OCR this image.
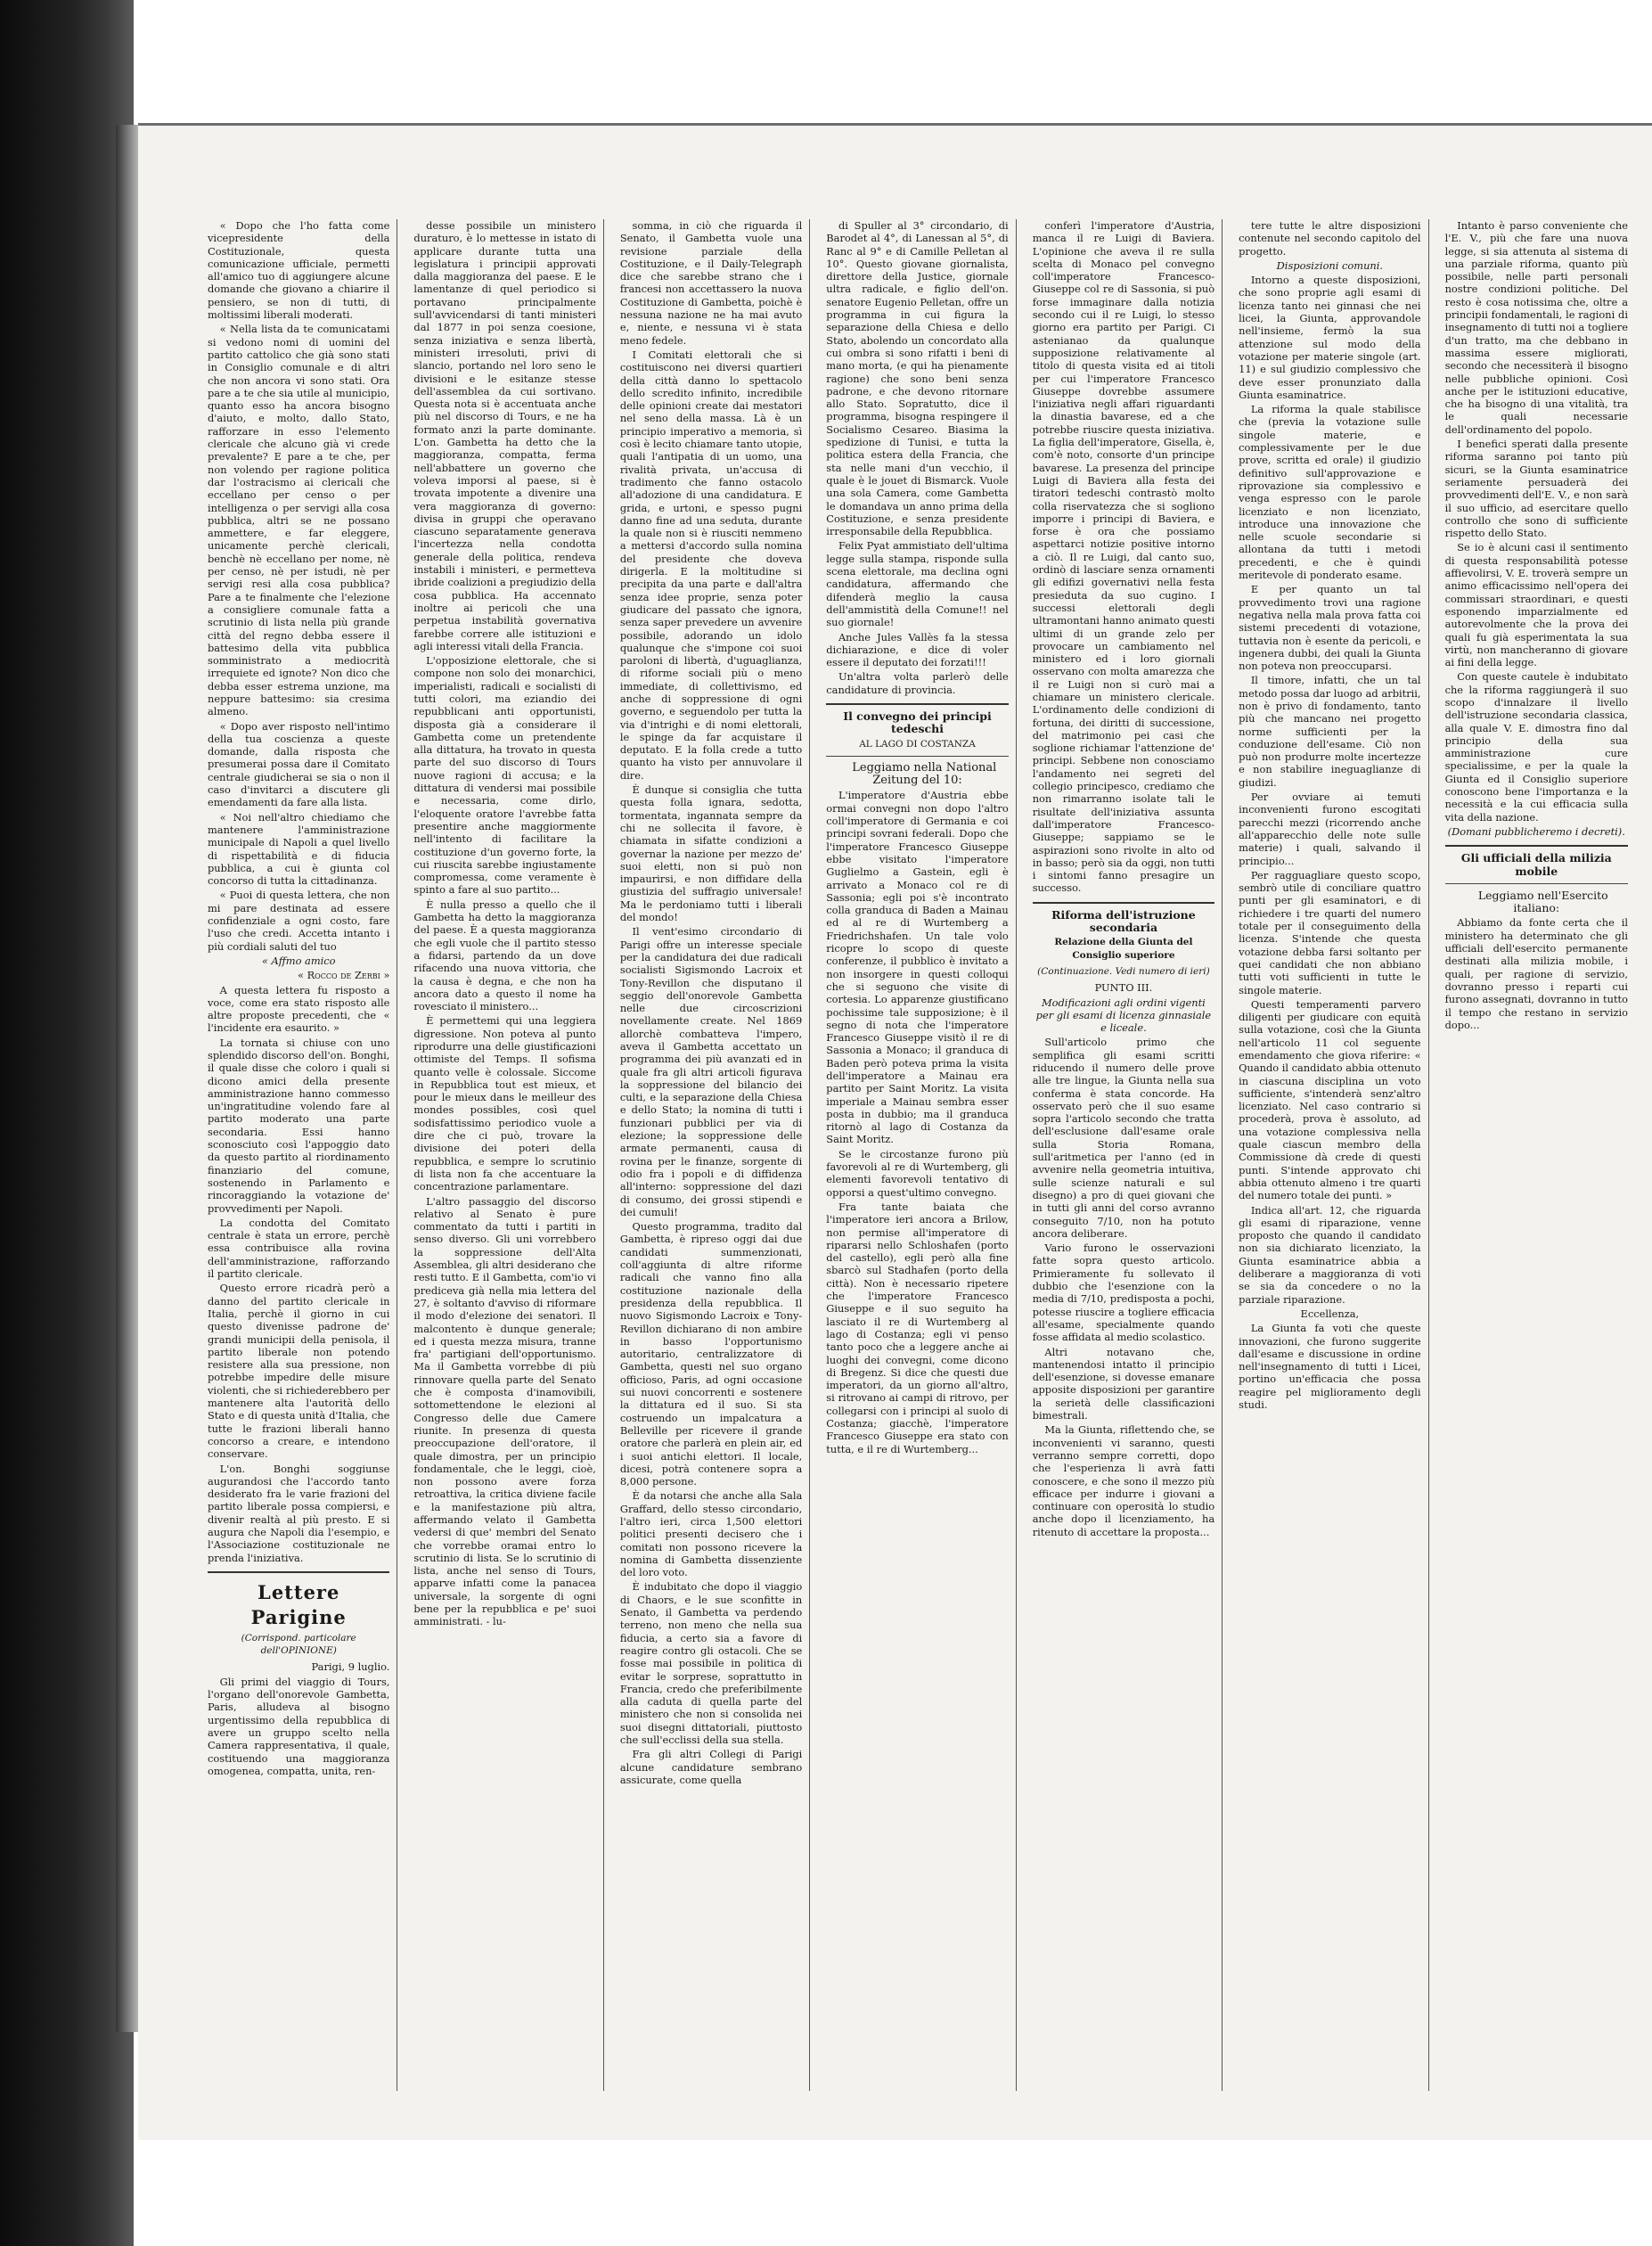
« Dopo che l'ho fatta come vicepresidente della Costituzionale, questa comunicazione ufficiale, permetti all'amico tuo di aggiungere alcune domande che giovano a chiarire il pensiero, se non di tutti, di moltissimi liberali moderati.

« Nella lista da te comunicatami si vedono nomi di uomini del partito cattolico che già sono stati in Consiglio comunale e di altri che non ancora vi sono stati. Ora pare a te che sia utile al municipio, quanto esso ha ancora bisogno d'aiuto, e molto, dallo Stato, rafforzare in esso l'elemento clericale che alcuno già vi crede prevalente? E pare a te che, per non volendo per ragione politica dar l'ostracismo ai clericali che eccellano per censo o per intelligenza o per servigi alla cosa pubblica, altri se ne possano ammettere, e far eleggere, unicamente perchè clericali, benchè nè eccellano per nome, nè per censo, nè per istudi, nè per servigi resi alla cosa pubblica? Pare a te finalmente che l'elezione a consigliere comunale fatta a scrutinio di lista nella più grande città del regno debba essere il battesimo della vita pubblica somministrato a mediocrità irrequiete ed ignote? Non dico che debba esser estrema unzione, ma neppure battesimo: sia cresima almeno.

« Dopo aver risposto nell'intimo della tua coscienza a queste domande, dalla risposta che presumerai possa dare il Comitato centrale giudicherai se sia o non il caso d'invitarci a discutere gli emendamenti da fare alla lista.

« Noi nell'altro chiediamo che mantenere l'amministrazione municipale di Napoli a quel livello di rispettabilità e di fiducia pubblica, a cui è giunta col concorso di tutta la cittadinanza.

« Puoi di questa lettera, che non mi pare destinata ad essere confidenziale a ogni costo, fare l'uso che credi. Accetta intanto i più cordiali saluti del tuo

« Affmo amico

« Rocco de Zerbi »

A questa lettera fu risposto a voce, come era stato risposto alle altre proposte precedenti, che « l'incidente era esaurito. »

La tornata si chiuse con uno splendido discorso dell'on. Bonghi, il quale disse che coloro i quali si dicono amici della presente amministrazione hanno commesso un'ingratitudine volendo fare al partito moderato una parte secondaria. Essi hanno sconosciuto così l'appoggio dato da questo partito al riordinamento finanziario del comune, sostenendo in Parlamento e rincoraggiando la votazione de' provvedimenti per Napoli.

La condotta del Comitato centrale è stata un errore, perchè essa contribuisce alla rovina dell'amministrazione, rafforzando il partito clericale.

Questo errore ricadrà però a danno del partito clericale in Italia, perchè il giorno in cui questo divenisse padrone de' grandi municipii della penisola, il partito liberale non potendo resistere alla sua pressione, non potrebbe impedire delle misure violenti, che si richiederebbero per mantenere alta l'autorità dello Stato e di questa unità d'Italia, che tutte le frazioni liberali hanno concorso a creare, e intendono conservare.

L'on. Bonghi soggiunse augurandosi che l'accordo tanto desiderato fra le varie frazioni del partito liberale possa compiersi, e divenir realtà al più presto. E si augura che Napoli dia l'esempio, e l'Associazione costituzionale ne prenda l'iniziativa.

Lettere Parigine
(Corrispond. particolare dell'OPINIONE)

Parigi, 9 luglio.

Gli primi del viaggio di Tours, l'organo dell'onorevole Gambetta, Paris, alludeva al bisogno urgentissimo della repubblica di avere un gruppo scelto nella Camera rappresentativa, il quale, costituendo una maggioranza omogenea, compatta, unita, ren-

desse possibile un ministero duraturo, è lo mettesse in istato di applicare durante tutta una legislatura i principii approvati dalla maggioranza del paese. E le lamentanze di quel periodico si portavano principalmente sull'avvicendarsi di tanti ministeri dal 1877 in poi senza coesione, senza iniziativa e senza libertà, ministeri irresoluti, privi di slancio, portando nel loro seno le divisioni e le esitanze stesse dell'assemblea da cui sortivano. Questa nota si è accentuata anche più nel discorso di Tours, e ne ha formato anzi la parte dominante. L'on. Gambetta ha detto che la maggioranza, compatta, ferma nell'abbattere un governo che voleva imporsi al paese, si è trovata impotente a divenire una vera maggioranza di governo: divisa in gruppi che operavano ciascuno separatamente generava l'incertezza nella condotta generale della politica, rendeva instabili i ministeri, e permetteva ibride coalizioni a pregiudizio della cosa pubblica. Ha accennato inoltre ai pericoli che una perpetua instabilità governativa farebbe correre alle istituzioni e agli interessi vitali della Francia.

L'opposizione elettorale, che si compone non solo dei monarchici, imperialisti, radicali e socialisti di tutti colori, ma eziandio dei repubblicani anti opportunisti, disposta già a considerare il Gambetta come un pretendente alla dittatura, ha trovato in questa parte del suo discorso di Tours nuove ragioni di accusa; e la dittatura di vendersi mai possibile e necessaria, come dirlo, l'eloquente oratore l'avrebbe fatta presentire anche maggiormente nell'intento di facilitare la costituzione d'un governo forte, la cui riuscita sarebbe ingiustamente compromessa, come veramente è spinto a fare al suo partito...

È nulla presso a quello che il Gambetta ha detto la maggioranza del paese. È a questa maggioranza che egli vuole che il partito stesso a fidarsi, partendo da un dove rifacendo una nuova vittoria, che la causa è degna, e che non ha ancora dato a questo il nome ha rovesciato il ministero...

È permettemi qui una leggiera digressione. Non poteva al punto riprodurre una delle giustificazioni ottimiste del Temps. Il sofisma quanto velle è colossale. Siccome in Repubblica tout est mieux, et pour le mieux dans le meilleur des mondes possibles, così quel sodisfattissimo periodico vuole a dire che ci può, trovare la divisione dei poteri della repubblica, e sempre lo scrutinio di lista non fa che accentuare la concentrazione parlamentare.

L'altro passaggio del discorso relativo al Senato è pure commentato da tutti i partiti in senso diverso. Gli uni vorrebbero la soppressione dell'Alta Assemblea, gli altri desiderano che resti tutto. E il Gambetta, com'io vi prediceva già nella mia lettera del 27, è soltanto d'avviso di riformare il modo d'elezione dei senatori. Il malcontento è dunque generale; ed i questa mezza misura, tranne fra' partigiani dell'opportunismo. Ma il Gambetta vorrebbe di più rinnovare quella parte del Senato che è composta d'inamovibili, sottomettendone le elezioni al Congresso delle due Camere riunite. In presenza di questa preoccupazione dell'oratore, il quale dimostra, per un principio fondamentale, che le leggi, cioè, non possono avere forza retroattiva, la critica diviene facile e la manifestazione più altra, affermando velato il Gambetta vedersi di que' membri del Senato che vorrebbe oramai entro lo scrutinio di lista. Se lo scrutinio di lista, anche nel senso di Tours, apparve infatti come la panacea universale, la sorgente di ogni bene per la repubblica e pe' suoi amministrati. - lu-

somma, in ciò che riguarda il Senato, il Gambetta vuole una revisione parziale della Costituzione, e il Daily-Telegraph dice che sarebbe strano che i francesi non accettassero la nuova Costituzione di Gambetta, poichè è nessuna nazione ne ha mai avuto e, niente, e nessuna vi è stata meno fedele.

I Comitati elettorali che si costituiscono nei diversi quartieri della città danno lo spettacolo dello scredito infinito, incredibile delle opinioni create dai mestatori nel seno della massa. Là è un principio imperativo a memoria, sì così è lecito chiamare tanto utopie, quali l'antipatia di un uomo, una rivalità privata, un'accusa di tradimento che fanno ostacolo all'adozione di una candidatura. E grida, e urtoni, e spesso pugni danno fine ad una seduta, durante la quale non si è riusciti nemmeno a mettersi d'accordo sulla nomina del presidente che doveva dirigerla. E la moltitudine si precipita da una parte e dall'altra senza idee proprie, senza poter giudicare del passato che ignora, senza saper prevedere un avvenire possibile, adorando un idolo qualunque che s'impone coi suoi paroloni di libertà, d'uguaglianza, di riforme sociali più o meno immediate, di collettivismo, ed anche di soppressione di ogni governo, e seguendolo per tutta la via d'intrighi e di nomi elettorali, le spinge da far acquistare il deputato. E la folla crede a tutto quanto ha visto per annuvolare il dire.

È dunque si consiglia che tutta questa folla ignara, sedotta, tormentata, ingannata sempre da chi ne sollecita il favore, è chiamata in sifatte condizioni a governar la nazione per mezzo de' suoi eletti, non si può non impaurirsi, e non diffidare della giustizia del suffragio universale! Ma le perdoniamo tutti i liberali del mondo!

Il vent'esimo circondario di Parigi offre un interesse speciale per la candidatura dei due radicali socialisti Sigismondo Lacroix et Tony-Revillon che disputano il seggio dell'onorevole Gambetta nelle due circoscrizioni novellamente create. Nel 1869 allorchè combatteva l'impero, aveva il Gambetta accettato un programma dei più avanzati ed in quale fra gli altri articoli figurava la soppressione del bilancio dei culti, e la separazione della Chiesa e dello Stato; la nomina di tutti i funzionari pubblici per via di elezione; la soppressione delle armate permanenti, causa di rovina per le finanze, sorgente di odio fra i popoli e di diffidenza all'interno: soppressione del dazi di consumo, dei grossi stipendi e dei cumuli!

Questo programma, tradito dal Gambetta, è ripreso oggi dai due candidati summenzionati, coll'aggiunta di altre riforme radicali che vanno fino alla costituzione nazionale della presidenza della repubblica. Il nuovo Sigismondo Lacroix e Tony-Revillon dichiarano di non ambire in basso l'opportunismo autoritario, centralizzatore di Gambetta, questi nel suo organo officioso, Paris, ad ogni occasione sui nuovi concorrenti e sostenere la dittatura ed il suo. Si sta costruendo un impalcatura a Belleville per ricevere il grande oratore che parlerà en plein air, ed i suoi antichi elettori. Il locale, dicesi, potrà contenere sopra a 8,000 persone.

È da notarsi che anche alla Sala Graffard, dello stesso circondario, l'altro ieri, circa 1,500 elettori politici presenti decisero che i comitati non possono ricevere la nomina di Gambetta dissenziente del loro voto.

È indubitato che dopo il viaggio di Chaors, e le sue sconfitte in Senato, il Gambetta va perdendo terreno, non meno che nella sua fiducia, a certo sia a favore di reagire contro gli ostacoli. Che se fosse mai possibile in politica di evitar le sorprese, soprattutto in Francia, credo che preferibilmente alla caduta di quella parte del ministero che non si consolida nei suoi disegni dittatoriali, piuttosto che sull'ecclissi della sua stella.

Fra gli altri Collegi di Parigi alcune candidature sembrano assicurate, come quella

di Spuller al 3° circondario, di Barodet al 4°, di Lanessan al 5°, di Ranc al 9° e di Camille Pelletan al 10°. Questo giovane giornalista, direttore della Justice, giornale ultra radicale, e figlio dell'on. senatore Eugenio Pelletan, offre un programma in cui figura la separazione della Chiesa e dello Stato, abolendo un concordato alla cui ombra si sono rifatti i beni di mano morta, (e qui ha pienamente ragione) che sono beni senza padrone, e che devono ritornare allo Stato. Sopratutto, dice il programma, bisogna respingere il Socialismo Cesareo. Biasima la spedizione di Tunisi, e tutta la politica estera della Francia, che sta nelle mani d'un vecchio, il quale è le jouet di Bismarck. Vuole una sola Camera, come Gambetta le domandava un anno prima della Costituzione, e senza presidente irresponsabile della Repubblica.

Felix Pyat ammistiato dell'ultima legge sulla stampa, risponde sulla scena elettorale, ma declina ogni candidatura, affermando che difenderà meglio la causa dell'ammistità della Comune!! nel suo giornale!

Anche Jules Vallès fa la stessa dichiarazione, e dice di voler essere il deputato dei forzati!!!

Un'altra volta parlerò delle candidature di provincia.

Il convegno dei principi tedeschi
AL LAGO DI COSTANZA

Leggiamo nella National Zeitung del 10:

L'imperatore d'Austria ebbe ormai convegni non dopo l'altro coll'imperatore di Germania e coi principi sovrani federali. Dopo che l'imperatore Francesco Giuseppe ebbe visitato l'imperatore Guglielmo a Gastein, egli è arrivato a Monaco col re di Sassonia; egli poi s'è incontrato colla granduca di Baden a Mainau ed al re di Wurtemberg a Friedrichshafen. Un tale volo ricopre lo scopo di queste conferenze, il pubblico è invitato a non insorgere in questi colloqui che si seguono che visite di cortesia. Lo apparenze giustificano pochissime tale supposizione; è il segno di nota che l'imperatore Francesco Giuseppe visitò il re di Sassonia a Monaco; il granduca di Baden però poteva prima la visita dell'imperatore a Mainau era partito per Saint Moritz. La visita imperiale a Mainau sembra esser posta in dubbio; ma il granduca ritornò al lago di Costanza da Saint Moritz.

Se le circostanze furono più favorevoli al re di Wurtemberg, gli elementi favorevoli tentativo di opporsi a quest'ultimo convegno.

Fra tante baiata che l'imperatore ieri ancora a Brilow, non permise all'imperatore di ripararsi nello Schloshafen (porto del castello), egli però alla fine sbarcò sul Stadhafen (porto della città). Non è necessario ripetere che l'imperatore Francesco Giuseppe e il suo seguito ha lasciato il re di Wurtemberg al lago di Costanza; egli vi penso tanto poco che a leggere anche ai luoghi dei convegni, come dicono di Bregenz. Si dice che questi due imperatori, da un giorno all'altro, si ritrovano ai campi di ritrovo, per collegarsi con i principi al suolo di Costanza; giacchè, l'imperatore Francesco Giuseppe era stato con tutta, e il re di Wurtemberg...

conferì l'imperatore d'Austria, manca il re Luigi di Baviera. L'opinione che aveva il re sulla scelta di Monaco pel convegno coll'imperatore Francesco-Giuseppe col re di Sassonia, si può forse immaginare dalla notizia secondo cui il re Luigi, lo stesso giorno era partito per Parigi. Ci astenianao da qualunque supposizione relativamente al titolo di questa visita ed ai titoli per cui l'imperatore Francesco Giuseppe dovrebbe assumere l'iniziativa negli affari riguardanti la dinastia bavarese, ed a che potrebbe riuscire questa iniziativa. La figlia dell'imperatore, Gisella, è, com'è noto, consorte d'un principe bavarese. La presenza del principe Luigi di Baviera alla festa dei tiratori tedeschi contrastò molto colla riservatezza che si sogliono imporre i principi di Baviera, e forse è ora che possiamo aspettarci notizie positive intorno a ciò. Il re Luigi, dal canto suo, ordinò di lasciare senza ornamenti gli edifizi governativi nella festa presieduta da suo cugino. I successi elettorali degli ultramontani hanno animato questi ultimi di un grande zelo per provocare un cambiamento nel ministero ed i loro giornali osservano con molta amarezza che il re Luigi non si curò mai a chiamare un ministero clericale. L'ordinamento delle condizioni di fortuna, dei diritti di successione, del matrimonio pei casi che soglione richiamar l'attenzione de' principi. Sebbene non conosciamo l'andamento nei segreti del collegio principesco, crediamo che non rimarranno isolate tali le risultate dell'iniziativa assunta dall'imperatore Francesco-Giuseppe; sappiamo se le aspirazioni sono rivolte in alto od in basso; però sia da oggi, non tutti i sintomi fanno presagire un successo.

Riforma dell'istruzione secondaria
Relazione della Giunta del Consiglio superiore
(Continuazione. Vedi numero di ieri)

PUNTO III.

Modificazioni agli ordini vigenti per gli esami di licenza ginnasiale e liceale.

Sull'articolo primo che semplifica gli esami scritti riducendo il numero delle prove alle tre lingue, la Giunta nella sua conferma è stata concorde. Ha osservato però che il suo esame sopra l'articolo secondo che tratta dell'esclusione dall'esame orale sulla Storia Romana, sull'aritmetica per l'anno (ed in avvenire nella geometria intuitiva, sulle scienze naturali e sul disegno) a pro di quei giovani che in tutti gli anni del corso avranno conseguito 7/10, non ha potuto ancora deliberare.

Vario furono le osservazioni fatte sopra questo articolo. Primieramente fu sollevato il dubbio che l'esenzione con la media di 7/10, predisposta a pochi, potesse riuscire a togliere efficacia all'esame, specialmente quando fosse affidata al medio scolastico.

Altri notavano che, mantenendosi intatto il principio dell'esenzione, si dovesse emanare apposite disposizioni per garantire la serietà delle classificazioni bimestrali.

Ma la Giunta, riflettendo che, se inconvenienti vi saranno, questi verranno sempre corretti, dopo che l'esperienza li avrà fatti conoscere, e che sono il mezzo più efficace per indurre i giovani a continuare con operosità lo studio anche dopo il licenziamento, ha ritenuto di accettare la proposta...

tere tutte le altre disposizioni contenute nel secondo capitolo del progetto.

Disposizioni comuni.

Intorno a queste disposizioni, che sono proprie agli esami di licenza tanto nei ginnasi che nei licei, la Giunta, approvandole nell'insieme, fermò la sua attenzione sul modo della votazione per materie singole (art. 11) e sul giudizio complessivo che deve esser pronunziato dalla Giunta esaminatrice.

La riforma la quale stabilisce che (previa la votazione sulle singole materie, e complessivamente per le due prove, scritta ed orale) il giudizio definitivo sull'approvazione e riprovazione sia complessivo e venga espresso con le parole licenziato e non licenziato, introduce una innovazione che nelle scuole secondarie si allontana da tutti i metodi precedenti, e che è quindi meritevole di ponderato esame.

E per quanto un tal provvedimento trovi una ragione negativa nella mala prova fatta coi sistemi precedenti di votazione, tuttavia non è esente da pericoli, e ingenera dubbi, dei quali la Giunta non poteva non preoccuparsi.

Il timore, infatti, che un tal metodo possa dar luogo ad arbitrii, non è privo di fondamento, tanto più che mancano nei progetto norme sufficienti per la conduzione dell'esame. Ciò non può non produrre molte incertezze e non stabilire ineguaglianze di giudizi.

Per ovviare ai temuti inconvenienti furono escogitati parecchi mezzi (ricorrendo anche all'apparecchio delle note sulle materie) i quali, salvando il principio...

Per ragguagliare questo scopo, sembrò utile di conciliare quattro punti per gli esaminatori, e di richiedere i tre quarti del numero totale per il conseguimento della licenza. S'intende che questa votazione debba farsi soltanto per quei candidati che non abbiano tutti voti sufficienti in tutte le singole materie.

Questi temperamenti parvero diligenti per giudicare con equità sulla votazione, così che la Giunta nell'articolo 11 col seguente emendamento che giova riferire: « Quando il candidato abbia ottenuto in ciascuna disciplina un voto sufficiente, s'intenderà senz'altro licenziato. Nel caso contrario si procederà, prova è assoluto, ad una votazione complessiva nella quale ciascun membro della Commissione dà crede di questi punti. S'intende approvato chi abbia ottenuto almeno i tre quarti del numero totale dei punti. »

Indica all'art. 12, che riguarda gli esami di riparazione, venne proposto che quando il candidato non sia dichiarato licenziato, la Giunta esaminatrice abbia a deliberare a maggioranza di voti se sia da concedere o no la parziale riparazione.

Eccellenza,

La Giunta fa voti che queste innovazioni, che furono suggerite dall'esame e discussione in ordine nell'insegnamento di tutti i Licei, portino un'efficacia che possa reagire pel miglioramento degli studi.

Intanto è parso conveniente che l'E. V., più che fare una nuova legge, si sia attenuta al sistema di una parziale riforma, quanto più possibile, nelle parti personali nostre condizioni politiche. Del resto è cosa notissima che, oltre a principii fondamentali, le ragioni di insegnamento di tutti noi a togliere d'un tratto, ma che debbano in massima essere migliorati, secondo che necessiterà il bisogno nelle pubbliche opinioni. Così anche per le istituzioni educative, che ha bisogno di una vitalità, tra le quali necessarie dell'ordinamento del popolo.

I benefici sperati dalla presente riforma saranno poi tanto più sicuri, se la Giunta esaminatrice seriamente persuaderà dei provvedimenti dell'E. V., e non sarà il suo ufficio, ad esercitare quello controllo che sono di sufficiente rispetto dello Stato.

Se io è alcuni casi il sentimento di questa responsabilità potesse affievolirsi, V. E. troverà sempre un animo efficacissimo nell'opera dei commissari straordinari, e questi esponendo imparzialmente ed autorevolmente che la prova dei quali fu già esperimentata la sua virtù, non mancheranno di giovare ai fini della legge.

Con queste cautele è indubitato che la riforma raggiungerà il suo scopo d'innalzare il livello dell'istruzione secondaria classica, alla quale V. E. dimostra fino dal principio della sua amministrazione cure specialissime, e per la quale la Giunta ed il Consiglio superiore conoscono bene l'importanza e la necessità e la cui efficacia sulla vita della nazione.

(Domani pubblicheremo i decreti).

Gli ufficiali della milizia mobile

Leggiamo nell'Esercito italiano:

Abbiamo da fonte certa che il ministero ha determinato che gli ufficiali dell'esercito permanente destinati alla milizia mobile, i quali, per ragione di servizio, dovranno presso i reparti cui furono assegnati, dovranno in tutto il tempo che restano in servizio dopo...
